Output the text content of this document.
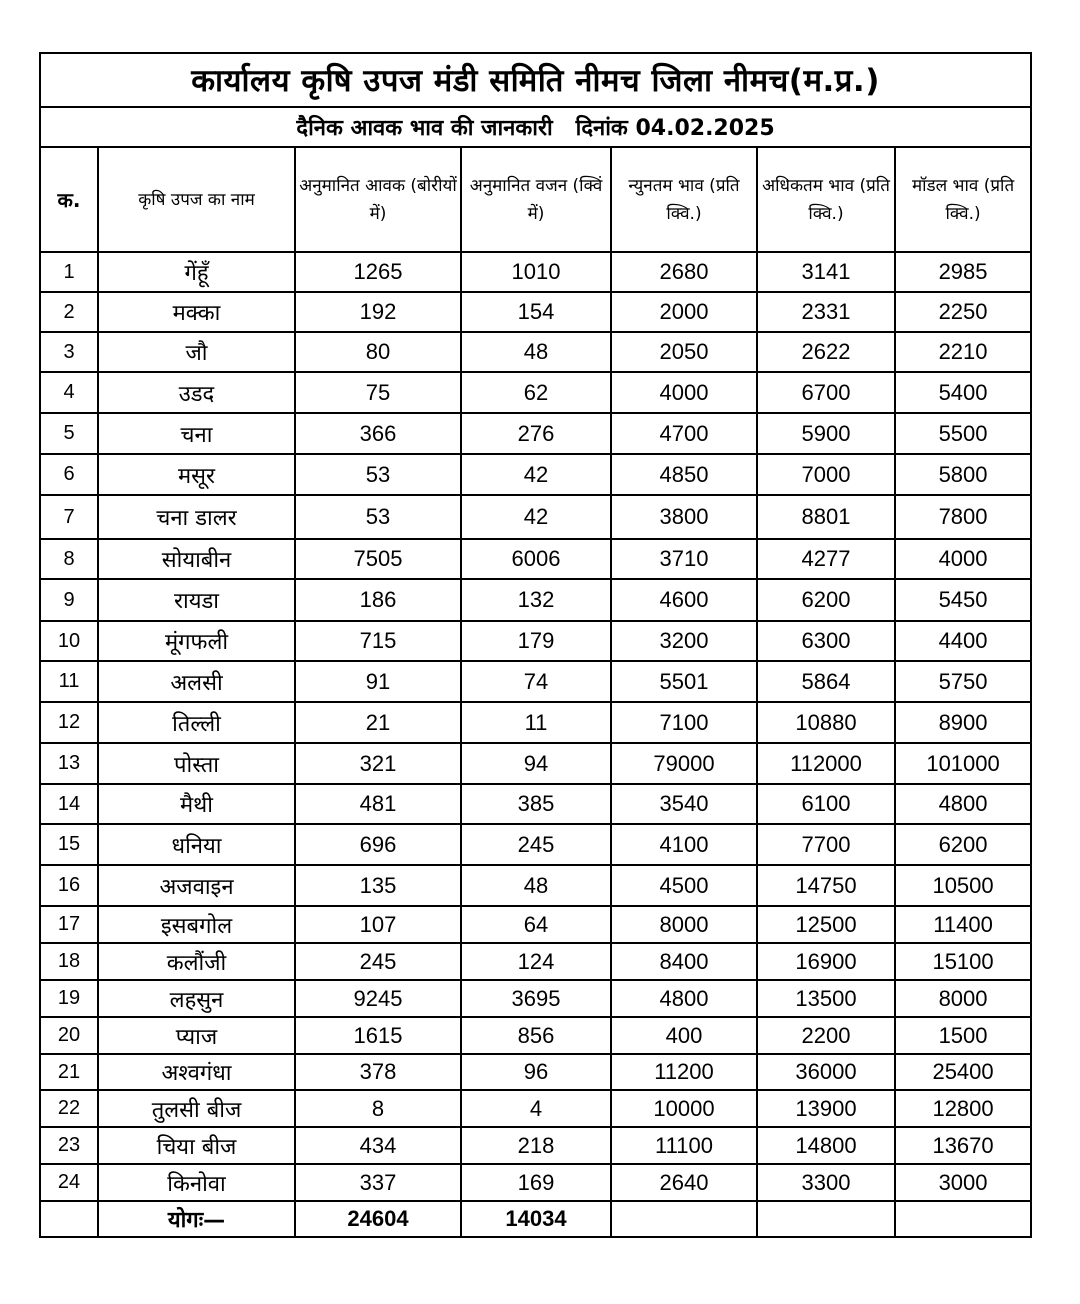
कार्यालय कृषि उपज मंडी समिति नीमच जिला नीमच(म.प्र.)						
दैनिक आवक भाव की जानकारी   दिनांक 04.02.2025						
क.	कृषि उपज का नाम	अनुमानित आवक (बोरीयों में)	अनुमानित वजन (क्विं में)	न्युनतम भाव (प्रति क्वि.)	अधिकतम भाव (प्रति क्वि.)	मॉडल भाव (प्रति क्वि.)
1	गेंहूँ	1265	1010	2680	3141	2985
2	मक्का	192	154	2000	2331	2250
3	जौ	80	48	2050	2622	2210
4	उडद	75	62	4000	6700	5400
5	चना	366	276	4700	5900	5500
6	मसूर	53	42	4850	7000	5800
7	चना डालर	53	42	3800	8801	7800
8	सोयाबीन	7505	6006	3710	4277	4000
9	रायडा	186	132	4600	6200	5450
10	मूंगफली	715	179	3200	6300	4400
11	अलसी	91	74	5501	5864	5750
12	तिल्ली	21	11	7100	10880	8900
13	पोस्ता	321	94	79000	112000	101000
14	मैथी	481	385	3540	6100	4800
15	धनिया	696	245	4100	7700	6200
16	अजवाइन	135	48	4500	14750	10500
17	इसबगोल	107	64	8000	12500	11400
18	कलौंजी	245	124	8400	16900	15100
19	लहसुन	9245	3695	4800	13500	8000
20	प्याज	1615	856	400	2200	1500
21	अश्वगंधा	378	96	11200	36000	25400
22	तुलसी बीज	8	4	10000	13900	12800
23	चिया बीज	434	218	11100	14800	13670
24	किनोवा	337	169	2640	3300	3000
	योगः—	24604	14034			
